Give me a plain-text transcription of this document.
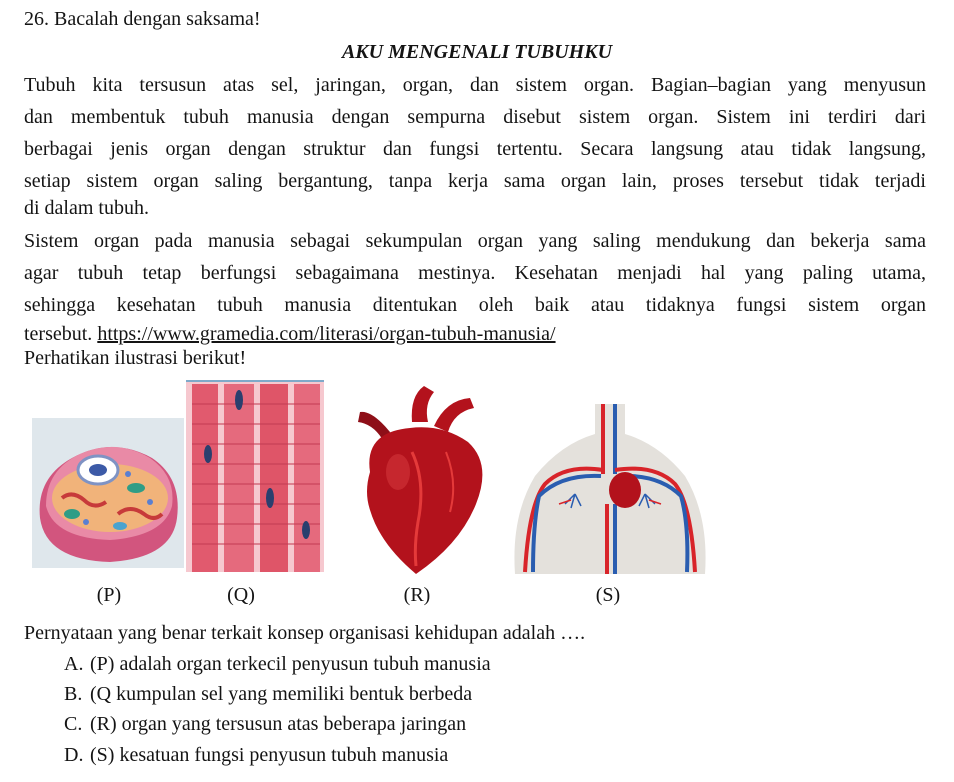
26. Bacalah dengan saksama!
AKU MENGENALI TUBUHKU
Tubuh kita tersusun atas sel, jaringan, organ, dan sistem organ. Bagian–bagian yang menyusun
dan membentuk tubuh manusia dengan sempurna disebut sistem organ. Sistem ini terdiri dari
berbagai jenis organ dengan struktur dan fungsi tertentu. Secara langsung atau tidak langsung,
setiap sistem organ saling bergantung, tanpa kerja sama organ lain, proses tersebut tidak terjadi
di dalam tubuh.
Sistem organ pada manusia sebagai sekumpulan organ yang saling mendukung dan bekerja sama
agar tubuh tetap berfungsi sebagaimana mestinya. Kesehatan menjadi hal yang paling utama,
sehingga kesehatan tubuh manusia ditentukan oleh baik atau tidaknya fungsi sistem organ
tersebut. https://www.gramedia.com/literasi/organ-tubuh-manusia/
Perhatikan ilustrasi berikut!
(P)	(Q)	(R)	(S)
Pernyataan yang benar terkait konsep organisasi kehidupan adalah ….
A. (P) adalah organ terkecil penyusun tubuh manusia
B. (Q kumpulan sel yang memiliki bentuk berbeda
C. (R) organ yang tersusun atas beberapa jaringan
D. (S) kesatuan fungsi penyusun tubuh manusia
